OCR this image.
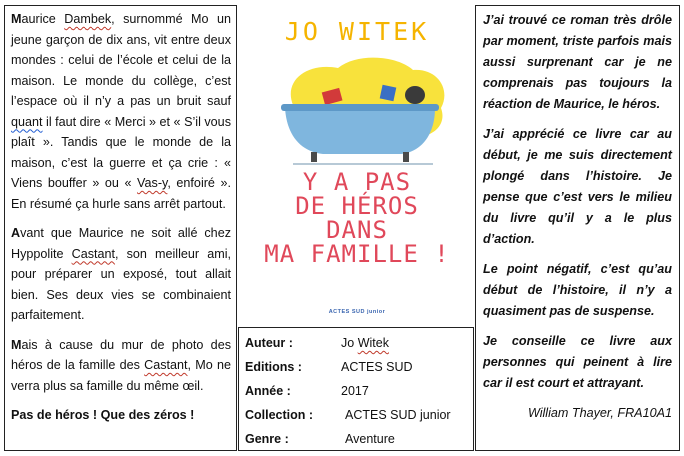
Maurice Dambek, surnommé Mo un jeune garçon de dix ans, vit entre deux mondes : celui de l’école et celui de la maison. Le monde du collège, c’est l’espace où il n’y a pas un bruit sauf quant il faut dire « Merci » et « S’il vous plaît ». Tandis que le monde de la maison, c’est la guerre et ça crie : « Viens bouffer » ou « Vas-y, enfoiré ». En résumé ça hurle sans arrêt partout.

Avant que Maurice ne soit allé chez Hyppolite Castant, son meilleur ami, pour préparer un exposé, tout allait bien. Ses deux vies se combinaient parfaitement.

Mais à cause du mur de photo des héros de la famille des Castant, Mo ne verra plus sa famille du même œil.

Pas de héros ! Que des zéros !

JO WITEK
Y A PAS
DE HÉROS
DANS
MA FAMILLE !
ACTES SUD junior
Auteur :	Jo Witek
Editions :	ACTES SUD
Année :	2017
Collection :	ACTES SUD junior
Genre :	Aventure

J’ai trouvé ce roman très drôle par moment, triste parfois mais aussi surprenant car je ne comprenais pas toujours la réaction de Maurice, le héros.

J’ai apprécié ce livre car au début, je me suis directement plongé dans l’histoire. Je pense que c’est vers le milieu du livre qu’il y a le plus d’action.

Le point négatif, c’est qu’au début de l’histoire, il n’y a quasiment pas de suspense.

Je conseille ce livre aux personnes qui peinent à lire car il est court et attrayant.

William Thayer, FRA10A1
